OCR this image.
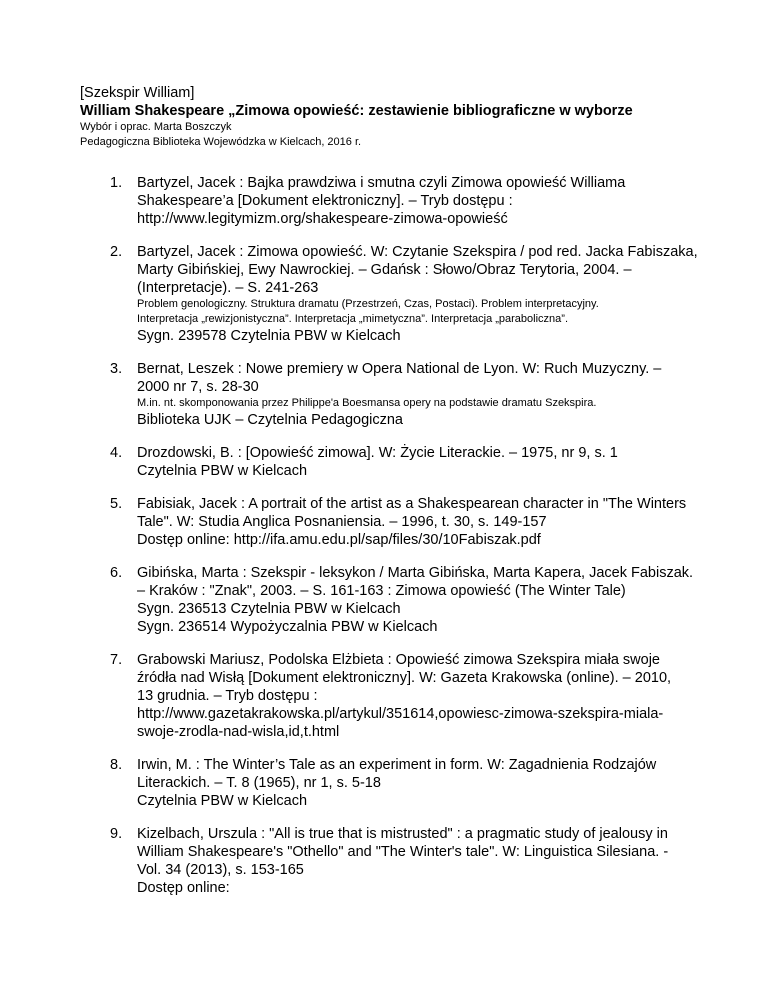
[Szekspir William]
William Shakespeare „Zimowa opowieść: zestawienie bibliograficzne w wyborze
Wybór i oprac. Marta Boszczyk
Pedagogiczna Biblioteka Wojewódzka w Kielcach, 2016 r.
1. Bartyzel, Jacek : Bajka prawdziwa i smutna czyli Zimowa opowieść Williama
Shakespeare’a [Dokument elektroniczny]. – Tryb dostępu :
http://www.legitymizm.org/shakespeare-zimowa-opowieść
2. Bartyzel, Jacek : Zimowa opowieść. W: Czytanie Szekspira / pod red. Jacka Fabiszaka,
Marty Gibińskiej, Ewy Nawrockiej. – Gdańsk : Słowo/Obraz Terytoria, 2004. –
(Interpretacje). – S. 241-263
Problem genologiczny. Struktura dramatu (Przestrzeń, Czas, Postaci). Problem interpretacyjny.
Interpretacja „rewizjonistyczna”. Interpretacja „mimetyczna”. Interpretacja „paraboliczna”.
Sygn. 239578 Czytelnia PBW w Kielcach
3. Bernat, Leszek : Nowe premiery w Opera National de Lyon. W: Ruch Muzyczny. –
2000 nr 7, s. 28-30
M.in. nt. skomponowania przez Philippe'a Boesmansa opery na podstawie dramatu Szekspira.
Biblioteka UJK – Czytelnia Pedagogiczna
4. Drozdowski, B. : [Opowieść zimowa]. W: Życie Literackie. – 1975, nr 9, s. 1
Czytelnia PBW w Kielcach
5. Fabisiak, Jacek : A portrait of the artist as a Shakespearean character in "The Winters
Tale". W: Studia Anglica Posnaniensia. – 1996, t. 30, s. 149-157
Dostęp online: http://ifa.amu.edu.pl/sap/files/30/10Fabiszak.pdf
6. Gibińska, Marta : Szekspir - leksykon / Marta Gibińska, Marta Kapera, Jacek Fabiszak.
– Kraków : "Znak", 2003. – S. 161-163 : Zimowa opowieść (The Winter Tale)
Sygn. 236513 Czytelnia PBW w Kielcach
Sygn. 236514 Wypożyczalnia PBW w Kielcach
7. Grabowski Mariusz, Podolska Elżbieta : Opowieść zimowa Szekspira miała swoje
źródła nad Wisłą [Dokument elektroniczny]. W: Gazeta Krakowska (online). – 2010,
13 grudnia. – Tryb dostępu :
http://www.gazetakrakowska.pl/artykul/351614,opowiesc-zimowa-szekspira-miala-
swoje-zrodla-nad-wisla,id,t.html
8. Irwin, M. : The Winter’s Tale as an experiment in form. W: Zagadnienia Rodzajów
Literackich. – T. 8 (1965), nr 1, s. 5-18
Czytelnia PBW w Kielcach
9. Kizelbach, Urszula : "All is true that is mistrusted" : a pragmatic study of jealousy in
William Shakespeare's "Othello" and "The Winter's tale". W: Linguistica Silesiana. -
Vol. 34 (2013), s. 153-165
Dostęp online:
